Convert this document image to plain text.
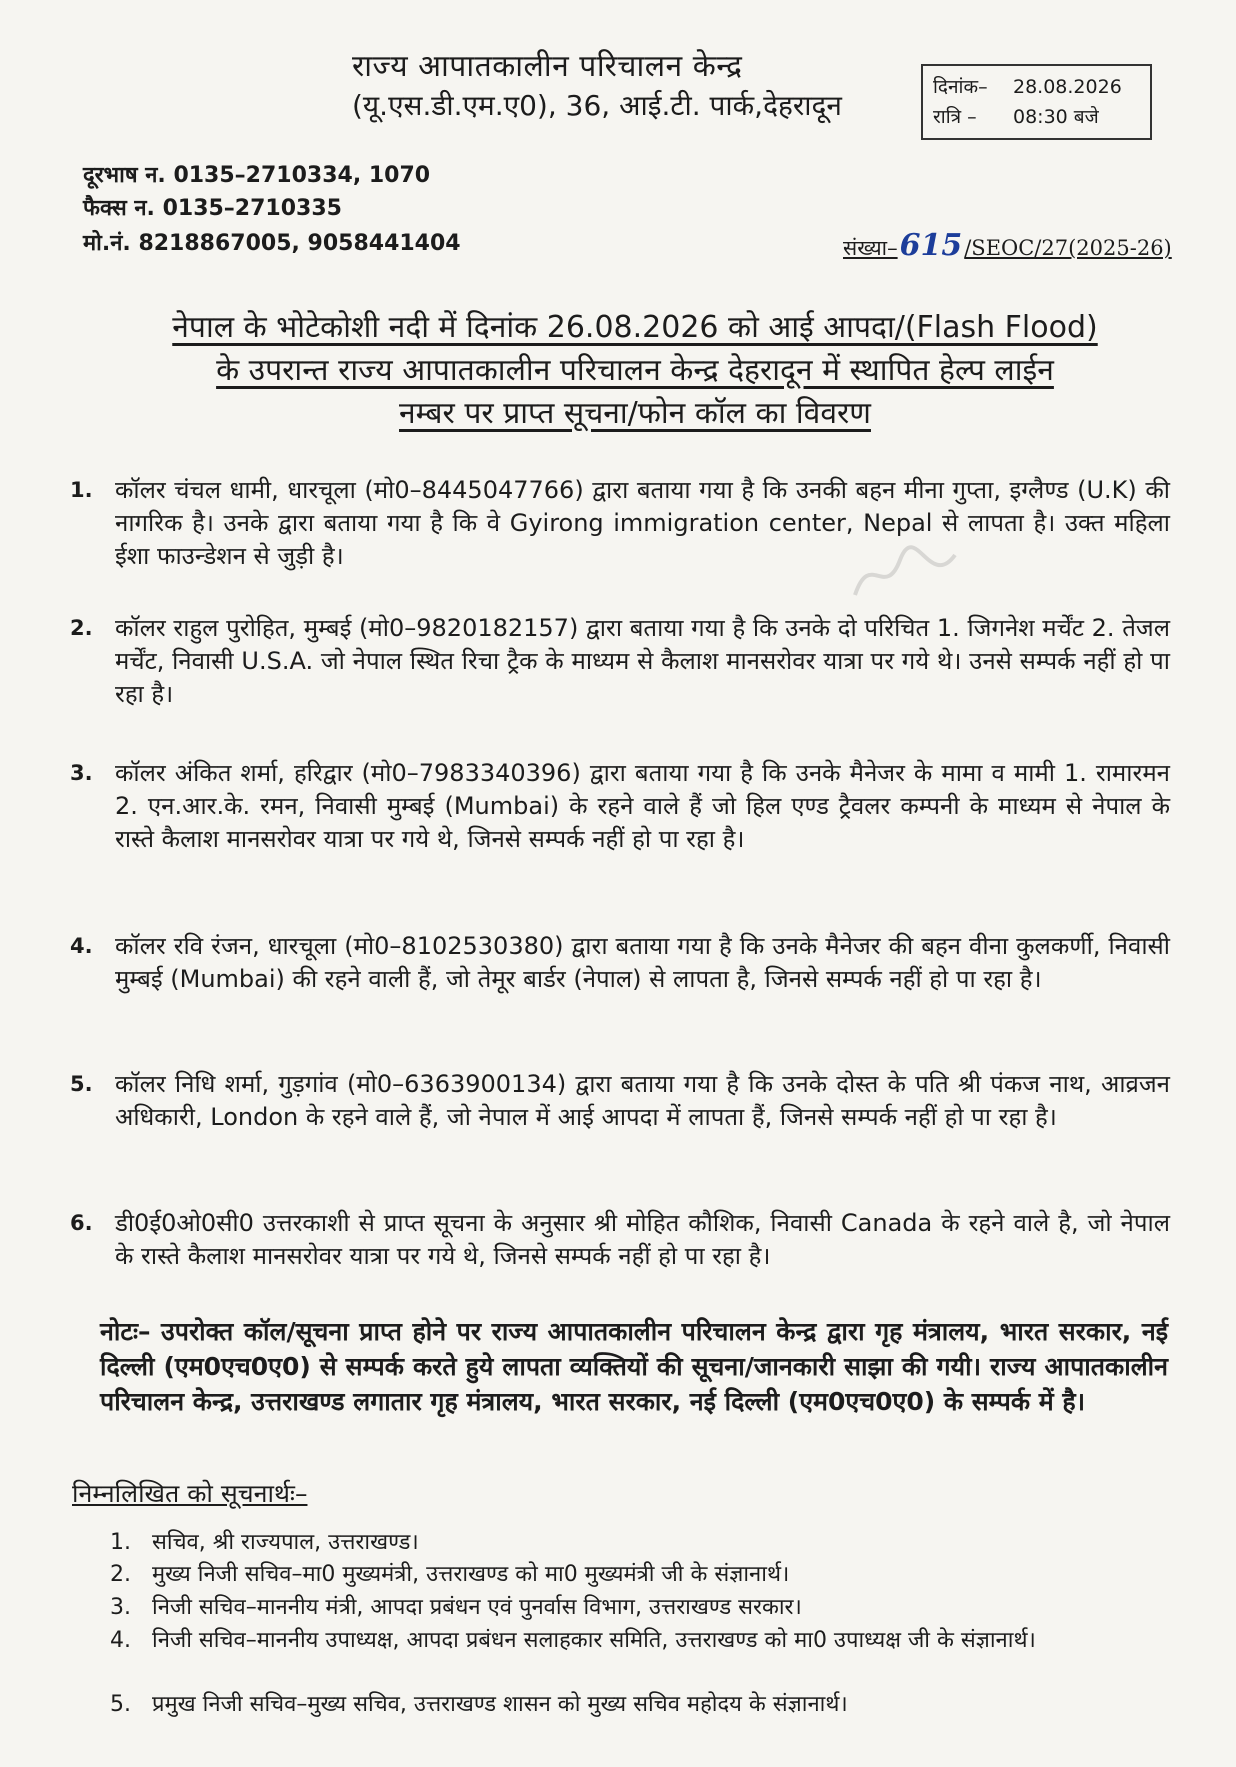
राज्य आपातकालीन परिचालन केन्द्र
(यू.एस.डी.एम.ए0), 36, आई.टी. पार्क,देहरादून
दिनांक–	28.08.2026
रात्रि –	08:30 बजे
दूरभाष न. 0135–2710334, 1070
फैक्स न. 0135–2710335
मो.नं. 8218867005, 9058441404	संख्या–615/SEOC/27(2025-26)
नेपाल के भोटेकोशी नदी में दिनांक 26.08.2026 को आई आपदा/(Flash Flood)
के उपरान्त राज्य आपातकालीन परिचालन केन्द्र देहरादून में स्थापित हेल्प लाईन
नम्बर पर प्राप्त सूचना/फोन कॉल का विवरण
1. कॉलर चंचल धामी, धारचूला (मो0–8445047766) द्वारा बताया गया है कि उनकी बहन मीना गुप्ता, इग्लैण्ड (U.K) की नागरिक है। उनके द्वारा बताया गया है कि वे Gyirong immigration center, Nepal से लापता है। उक्त महिला ईशा फाउन्डेशन से जुड़ी है।
2. कॉलर राहुल पुरोहित, मुम्बई (मो0–9820182157) द्वारा बताया गया है कि उनके दो परिचित 1. जिगनेश मर्चेंट 2. तेजल मर्चेंट, निवासी U.S.A. जो नेपाल स्थित रिचा ट्रैक के माध्यम से कैलाश मानसरोवर यात्रा पर गये थे। उनसे सम्पर्क नहीं हो पा रहा है।
3. कॉलर अंकित शर्मा, हरिद्वार (मो0–7983340396) द्वारा बताया गया है कि उनके मैनेजर के मामा व मामी 1. रामारमन 2. एन.आर.के. रमन, निवासी मुम्बई (Mumbai) के रहने वाले हैं जो हिल एण्ड ट्रैवलर कम्पनी के माध्यम से नेपाल के रास्ते कैलाश मानसरोवर यात्रा पर गये थे, जिनसे सम्पर्क नहीं हो पा रहा है।
4. कॉलर रवि रंजन, धारचूला (मो0–8102530380) द्वारा बताया गया है कि उनके मैनेजर की बहन वीना कुलकर्णी, निवासी मुम्बई (Mumbai) की रहने वाली हैं, जो तेमूर बार्डर (नेपाल) से लापता है, जिनसे सम्पर्क नहीं हो पा रहा है।
5. कॉलर निधि शर्मा, गुड़गांव (मो0–6363900134) द्वारा बताया गया है कि उनके दोस्त के पति श्री पंकज नाथ, आव्रजन अधिकारी, London के रहने वाले हैं, जो नेपाल में आई आपदा में लापता हैं, जिनसे सम्पर्क नहीं हो पा रहा है।
6. डी0ई0ओ0सी0 उत्तरकाशी से प्राप्त सूचना के अनुसार श्री मोहित कौशिक, निवासी Canada के रहने वाले है, जो नेपाल के रास्ते कैलाश मानसरोवर यात्रा पर गये थे, जिनसे सम्पर्क नहीं हो पा रहा है।
नोटः– उपरोक्त कॉल/सूचना प्राप्त होने पर राज्य आपातकालीन परिचालन केन्द्र द्वारा गृह मंत्रालय, भारत सरकार, नई दिल्ली (एम0एच0ए0) से सम्पर्क करते हुये लापता व्यक्तियों की सूचना/जानकारी साझा की गयी। राज्य आपातकालीन परिचालन केन्द्र, उत्तराखण्ड लगातार गृह मंत्रालय, भारत सरकार, नई दिल्ली (एम0एच0ए0) के सम्पर्क में है।
निम्नलिखित को सूचनार्थः–
1. सचिव, श्री राज्यपाल, उत्तराखण्ड।
2. मुख्य निजी सचिव–मा0 मुख्यमंत्री, उत्तराखण्ड को मा0 मुख्यमंत्री जी के संज्ञानार्थ।
3. निजी सचिव–माननीय मंत्री, आपदा प्रबंधन एवं पुनर्वास विभाग, उत्तराखण्ड सरकार।
4. निजी सचिव–माननीय उपाध्यक्ष, आपदा प्रबंधन सलाहकार समिति, उत्तराखण्ड को मा0 उपाध्यक्ष जी के संज्ञानार्थ।
5. प्रमुख निजी सचिव–मुख्य सचिव, उत्तराखण्ड शासन को मुख्य सचिव महोदय के संज्ञानार्थ।
